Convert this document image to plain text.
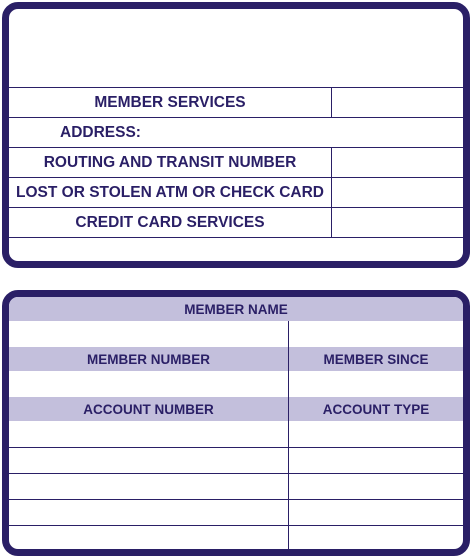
MEMBER SERVICES
ADDRESS:
ROUTING AND TRANSIT NUMBER
LOST OR STOLEN ATM OR CHECK CARD
CREDIT CARD SERVICES
MEMBER NAME
MEMBER NUMBER	MEMBER SINCE
ACCOUNT NUMBER	ACCOUNT TYPE
